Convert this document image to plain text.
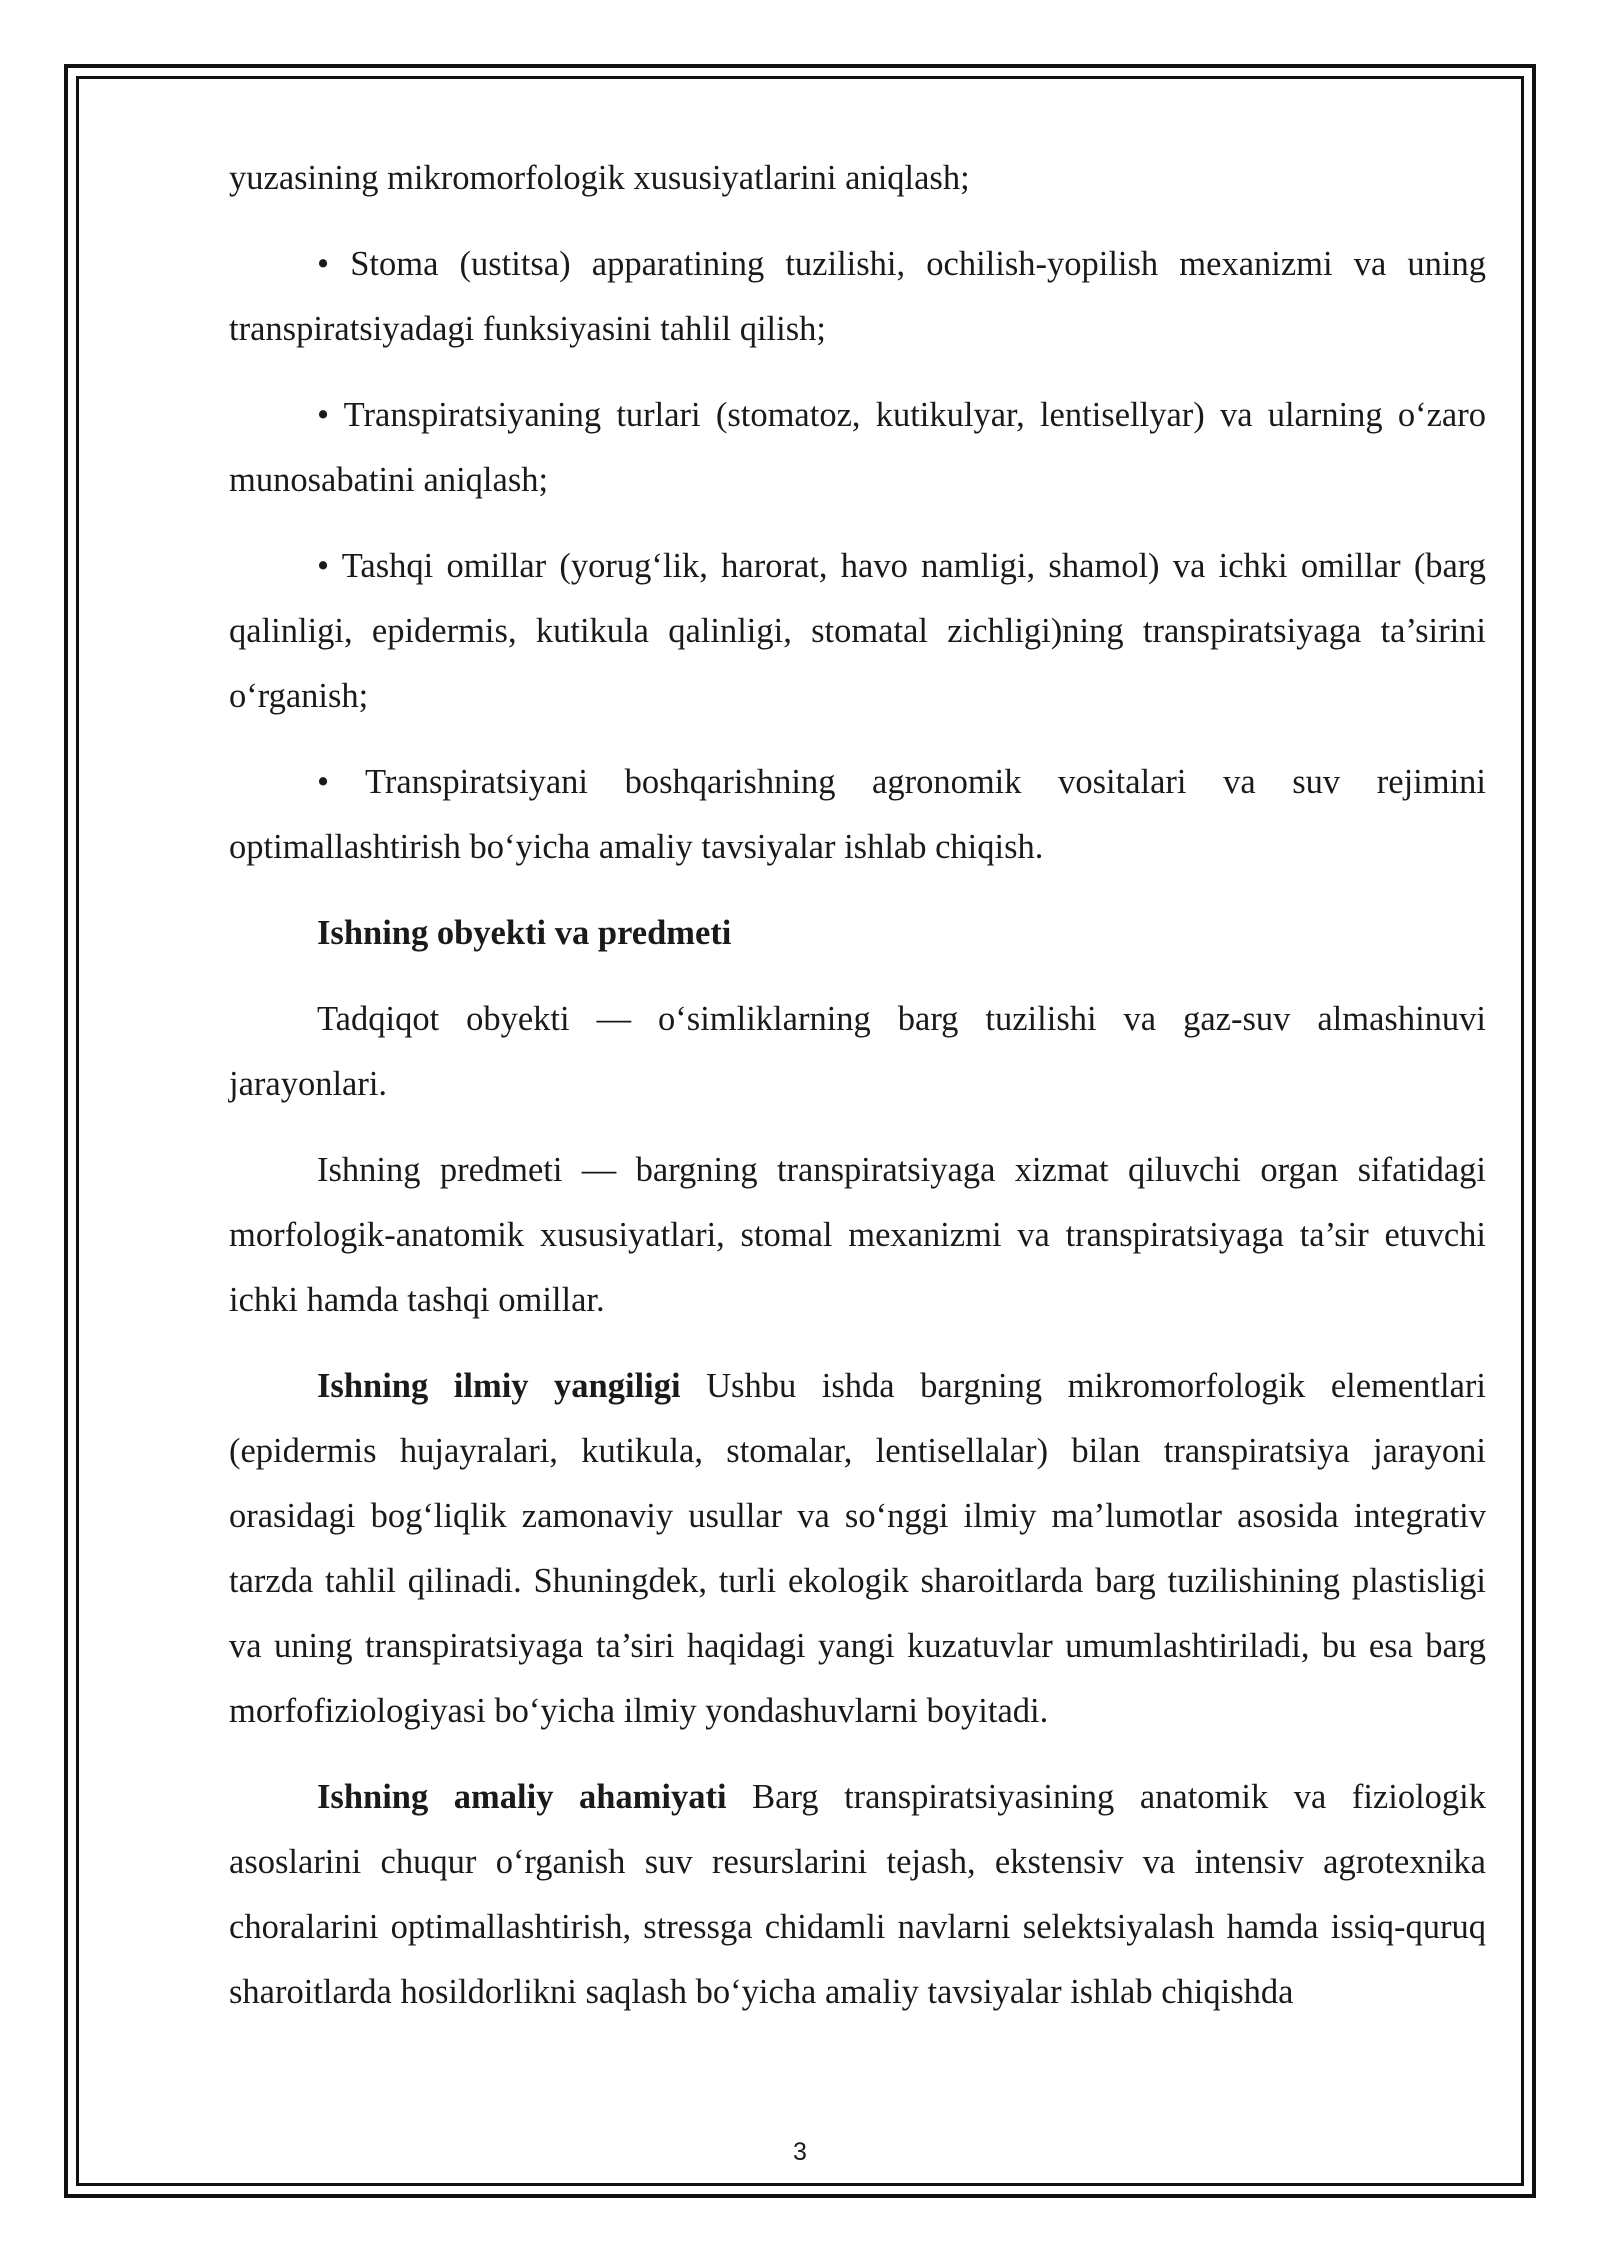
yuzasining mikromorfologik xususiyatlarini aniqlash;

• Stoma (ustitsa) apparatining tuzilishi, ochilish-yopilish mexanizmi va uning transpiratsiyadagi funksiyasini tahlil qilish;

• Transpiratsiyaning turlari (stomatoz, kutikulyar, lentisellyar) va ularning o‘zaro munosabatini aniqlash;

• Tashqi omillar (yorug‘lik, harorat, havo namligi, shamol) va ichki omillar (barg qalinligi, epidermis, kutikula qalinligi, stomatal zichligi)ning transpiratsiyaga ta’sirini o‘rganish;

• Transpiratsiyani boshqarishning agronomik vositalari va suv rejimini optimallashtirish bo‘yicha amaliy tavsiyalar ishlab chiqish.

Ishning obyekti va predmeti

Tadqiqot obyekti — o‘simliklarning barg tuzilishi va gaz-suv almashinuvi jarayonlari.

Ishning predmeti — bargning transpiratsiyaga xizmat qiluvchi organ sifatidagi morfologik-anatomik xususiyatlari, stomal mexanizmi va transpiratsiyaga ta’sir etuvchi ichki hamda tashqi omillar.

Ishning ilmiy yangiligi Ushbu ishda bargning mikromorfologik elementlari (epidermis hujayralari, kutikula, stomalar, lentisellalar) bilan transpiratsiya jarayoni orasidagi bog‘liqlik zamonaviy usullar va so‘nggi ilmiy ma’lumotlar asosida integrativ tarzda tahlil qilinadi. Shuningdek, turli ekologik sharoitlarda barg tuzilishining plastisligi va uning transpiratsiyaga ta’siri haqidagi yangi kuzatuvlar umumlashtiriladi, bu esa barg morfofiziologiyasi bo‘yicha ilmiy yondashuvlarni boyitadi.

Ishning amaliy ahamiyati Barg transpiratsiyasining anatomik va fiziologik asoslarini chuqur o‘rganish suv resurslarini tejash, ekstensiv va intensiv agrotexnika choralarini optimallashtirish, stressga chidamli navlarni selektsiyalash hamda issiq-quruq sharoitlarda hosildorlikni saqlash bo‘yicha amaliy tavsiyalar ishlab chiqishda

3
